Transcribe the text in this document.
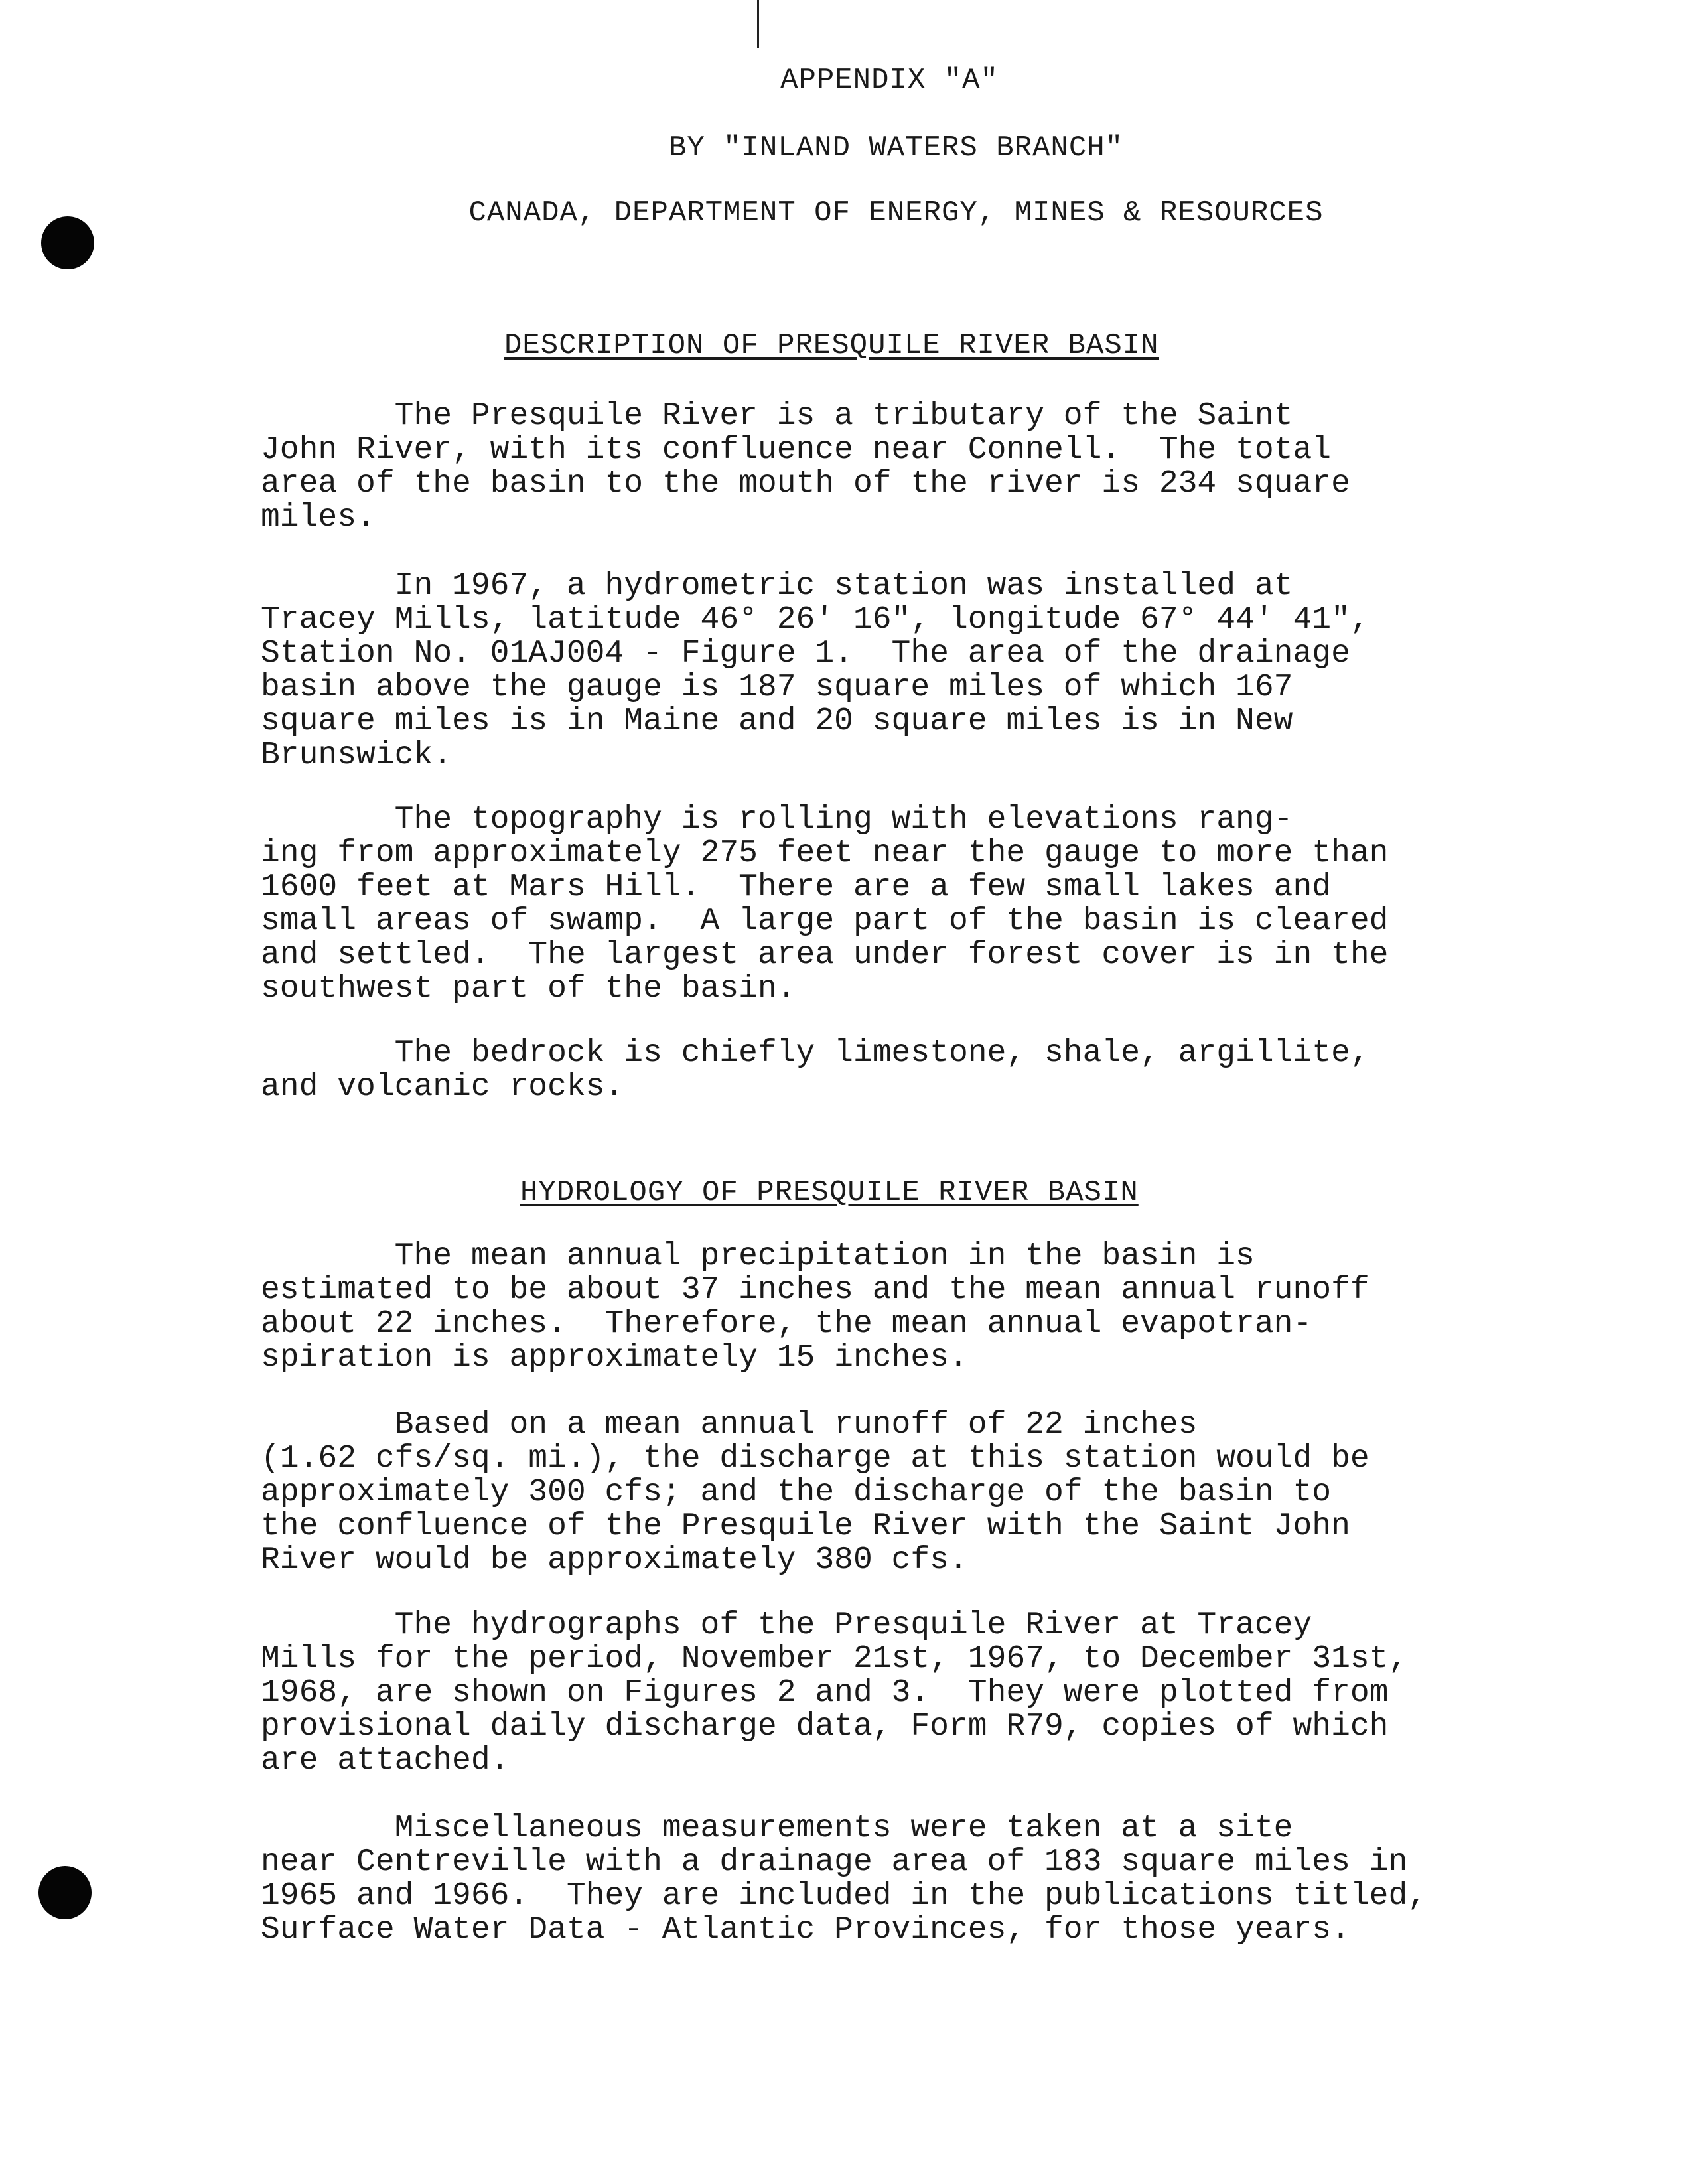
APPENDIX "A"
BY "INLAND WATERS BRANCH"
CANADA, DEPARTMENT OF ENERGY, MINES & RESOURCES
DESCRIPTION OF PRESQUILE RIVER BASIN
The Presquile River is a tributary of the Saint
John River, with its confluence near Connell.  The total
area of the basin to the mouth of the river is 234 square
miles.
In 1967, a hydrometric station was installed at
Tracey Mills, latitude 46° 26' 16", longitude 67° 44' 41",
Station No. 01AJ004 - Figure 1.  The area of the drainage
basin above the gauge is 187 square miles of which 167
square miles is in Maine and 20 square miles is in New
Brunswick.
The topography is rolling with elevations rang-
ing from approximately 275 feet near the gauge to more than
1600 feet at Mars Hill.  There are a few small lakes and
small areas of swamp.  A large part of the basin is cleared
and settled.  The largest area under forest cover is in the
southwest part of the basin.
The bedrock is chiefly limestone, shale, argillite,
and volcanic rocks.
HYDROLOGY OF PRESQUILE RIVER BASIN
The mean annual precipitation in the basin is
estimated to be about 37 inches and the mean annual runoff
about 22 inches.  Therefore, the mean annual evapotran-
spiration is approximately 15 inches.
Based on a mean annual runoff of 22 inches
(1.62 cfs/sq. mi.), the discharge at this station would be
approximately 300 cfs; and the discharge of the basin to
the confluence of the Presquile River with the Saint John
River would be approximately 380 cfs.
The hydrographs of the Presquile River at Tracey
Mills for the period, November 21st, 1967, to December 31st,
1968, are shown on Figures 2 and 3.  They were plotted from
provisional daily discharge data, Form R79, copies of which
are attached.
Miscellaneous measurements were taken at a site
near Centreville with a drainage area of 183 square miles in
1965 and 1966.  They are included in the publications titled,
Surface Water Data - Atlantic Provinces, for those years.
